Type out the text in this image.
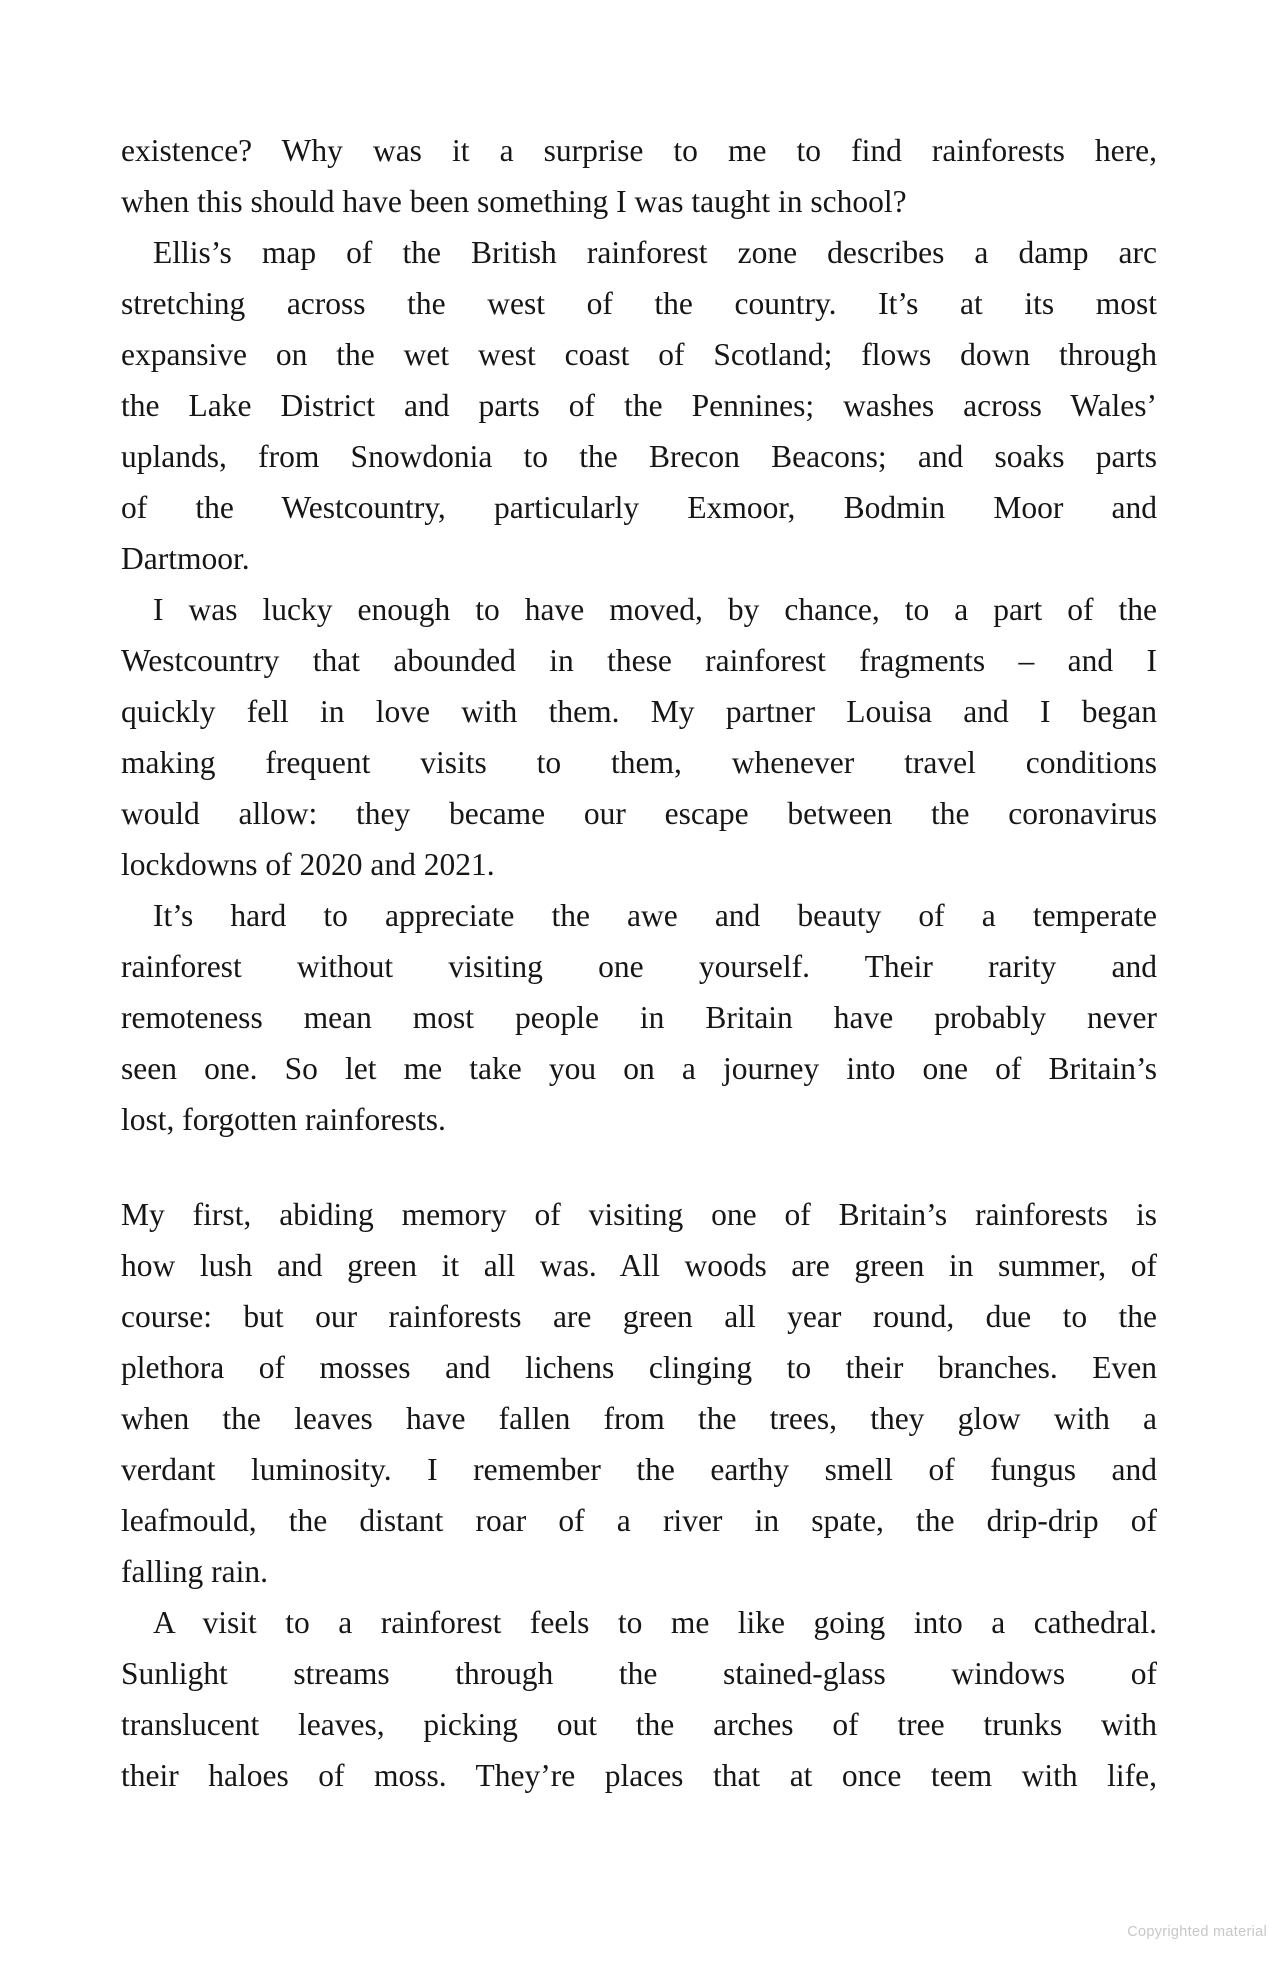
existence? Why was it a surprise to me to find rainforests here,
when this should have been something I was taught in school?

Ellis’s map of the British rainforest zone describes a damp arc
stretching across the west of the country. It’s at its most
expansive on the wet west coast of Scotland; flows down through
the Lake District and parts of the Pennines; washes across Wales’
uplands, from Snowdonia to the Brecon Beacons; and soaks parts
of the Westcountry, particularly Exmoor, Bodmin Moor and
Dartmoor.

I was lucky enough to have moved, by chance, to a part of the
Westcountry that abounded in these rainforest fragments – and I
quickly fell in love with them. My partner Louisa and I began
making frequent visits to them, whenever travel conditions
would allow: they became our escape between the coronavirus
lockdowns of 2020 and 2021.

It’s hard to appreciate the awe and beauty of a temperate
rainforest without visiting one yourself. Their rarity and
remoteness mean most people in Britain have probably never
seen one. So let me take you on a journey into one of Britain’s
lost, forgotten rainforests.

My first, abiding memory of visiting one of Britain’s rainforests is
how lush and green it all was. All woods are green in summer, of
course: but our rainforests are green all year round, due to the
plethora of mosses and lichens clinging to their branches. Even
when the leaves have fallen from the trees, they glow with a
verdant luminosity. I remember the earthy smell of fungus and
leafmould, the distant roar of a river in spate, the drip-drip of
falling rain.

A visit to a rainforest feels to me like going into a cathedral.
Sunlight streams through the stained-glass windows of
translucent leaves, picking out the arches of tree trunks with
their haloes of moss. They’re places that at once teem with life,

Copyrighted material
